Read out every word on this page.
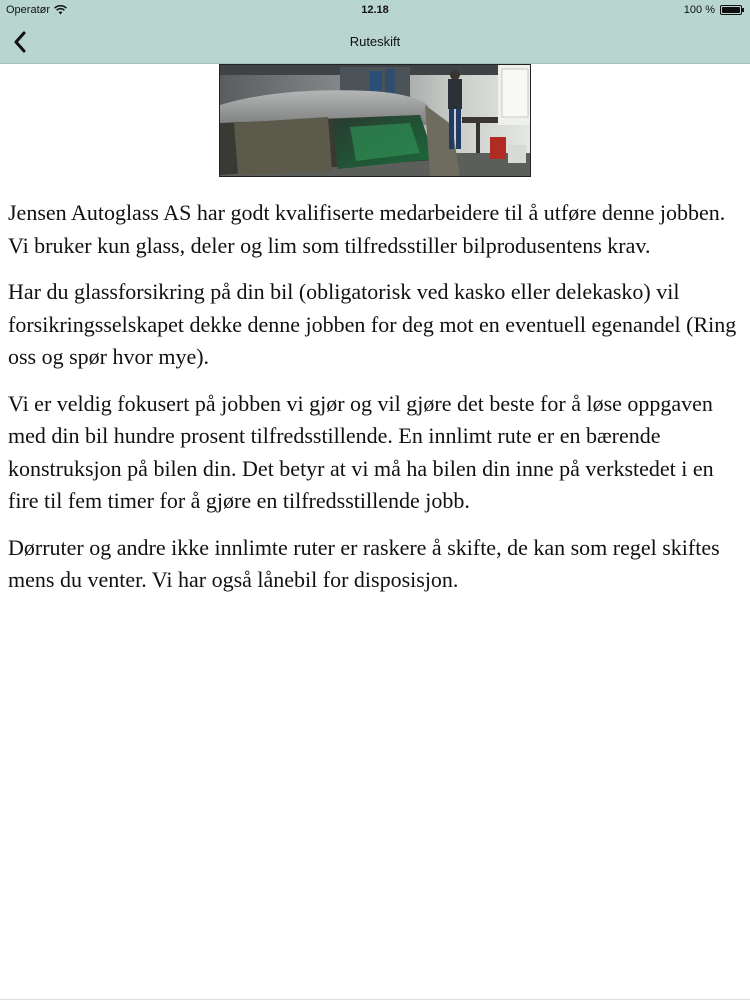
Operatør	12.18	100 %
Ruteskift

Jensen Autoglass AS har godt kvalifiserte medarbeidere til å utføre denne jobben. Vi bruker kun glass, deler og lim som tilfredsstiller bilprodusentens krav.

Har du glassforsikring på din bil (obligatorisk ved kasko eller delekasko) vil forsikringsselskapet dekke denne jobben for deg mot en eventuell egenandel (Ring oss og spør hvor mye).

Vi er veldig fokusert på jobben vi gjør og vil gjøre det beste for å løse oppgaven med din bil hundre prosent tilfredsstillende. En innlimt rute er en bærende konstruksjon på bilen din. Det betyr at vi må ha bilen din inne på verkstedet i en fire til fem timer for å gjøre en tilfredsstillende jobb.

Dørruter og andre ikke innlimte ruter er raskere å skifte, de kan som regel skiftes mens du venter. Vi har også lånebil for disposisjon.
